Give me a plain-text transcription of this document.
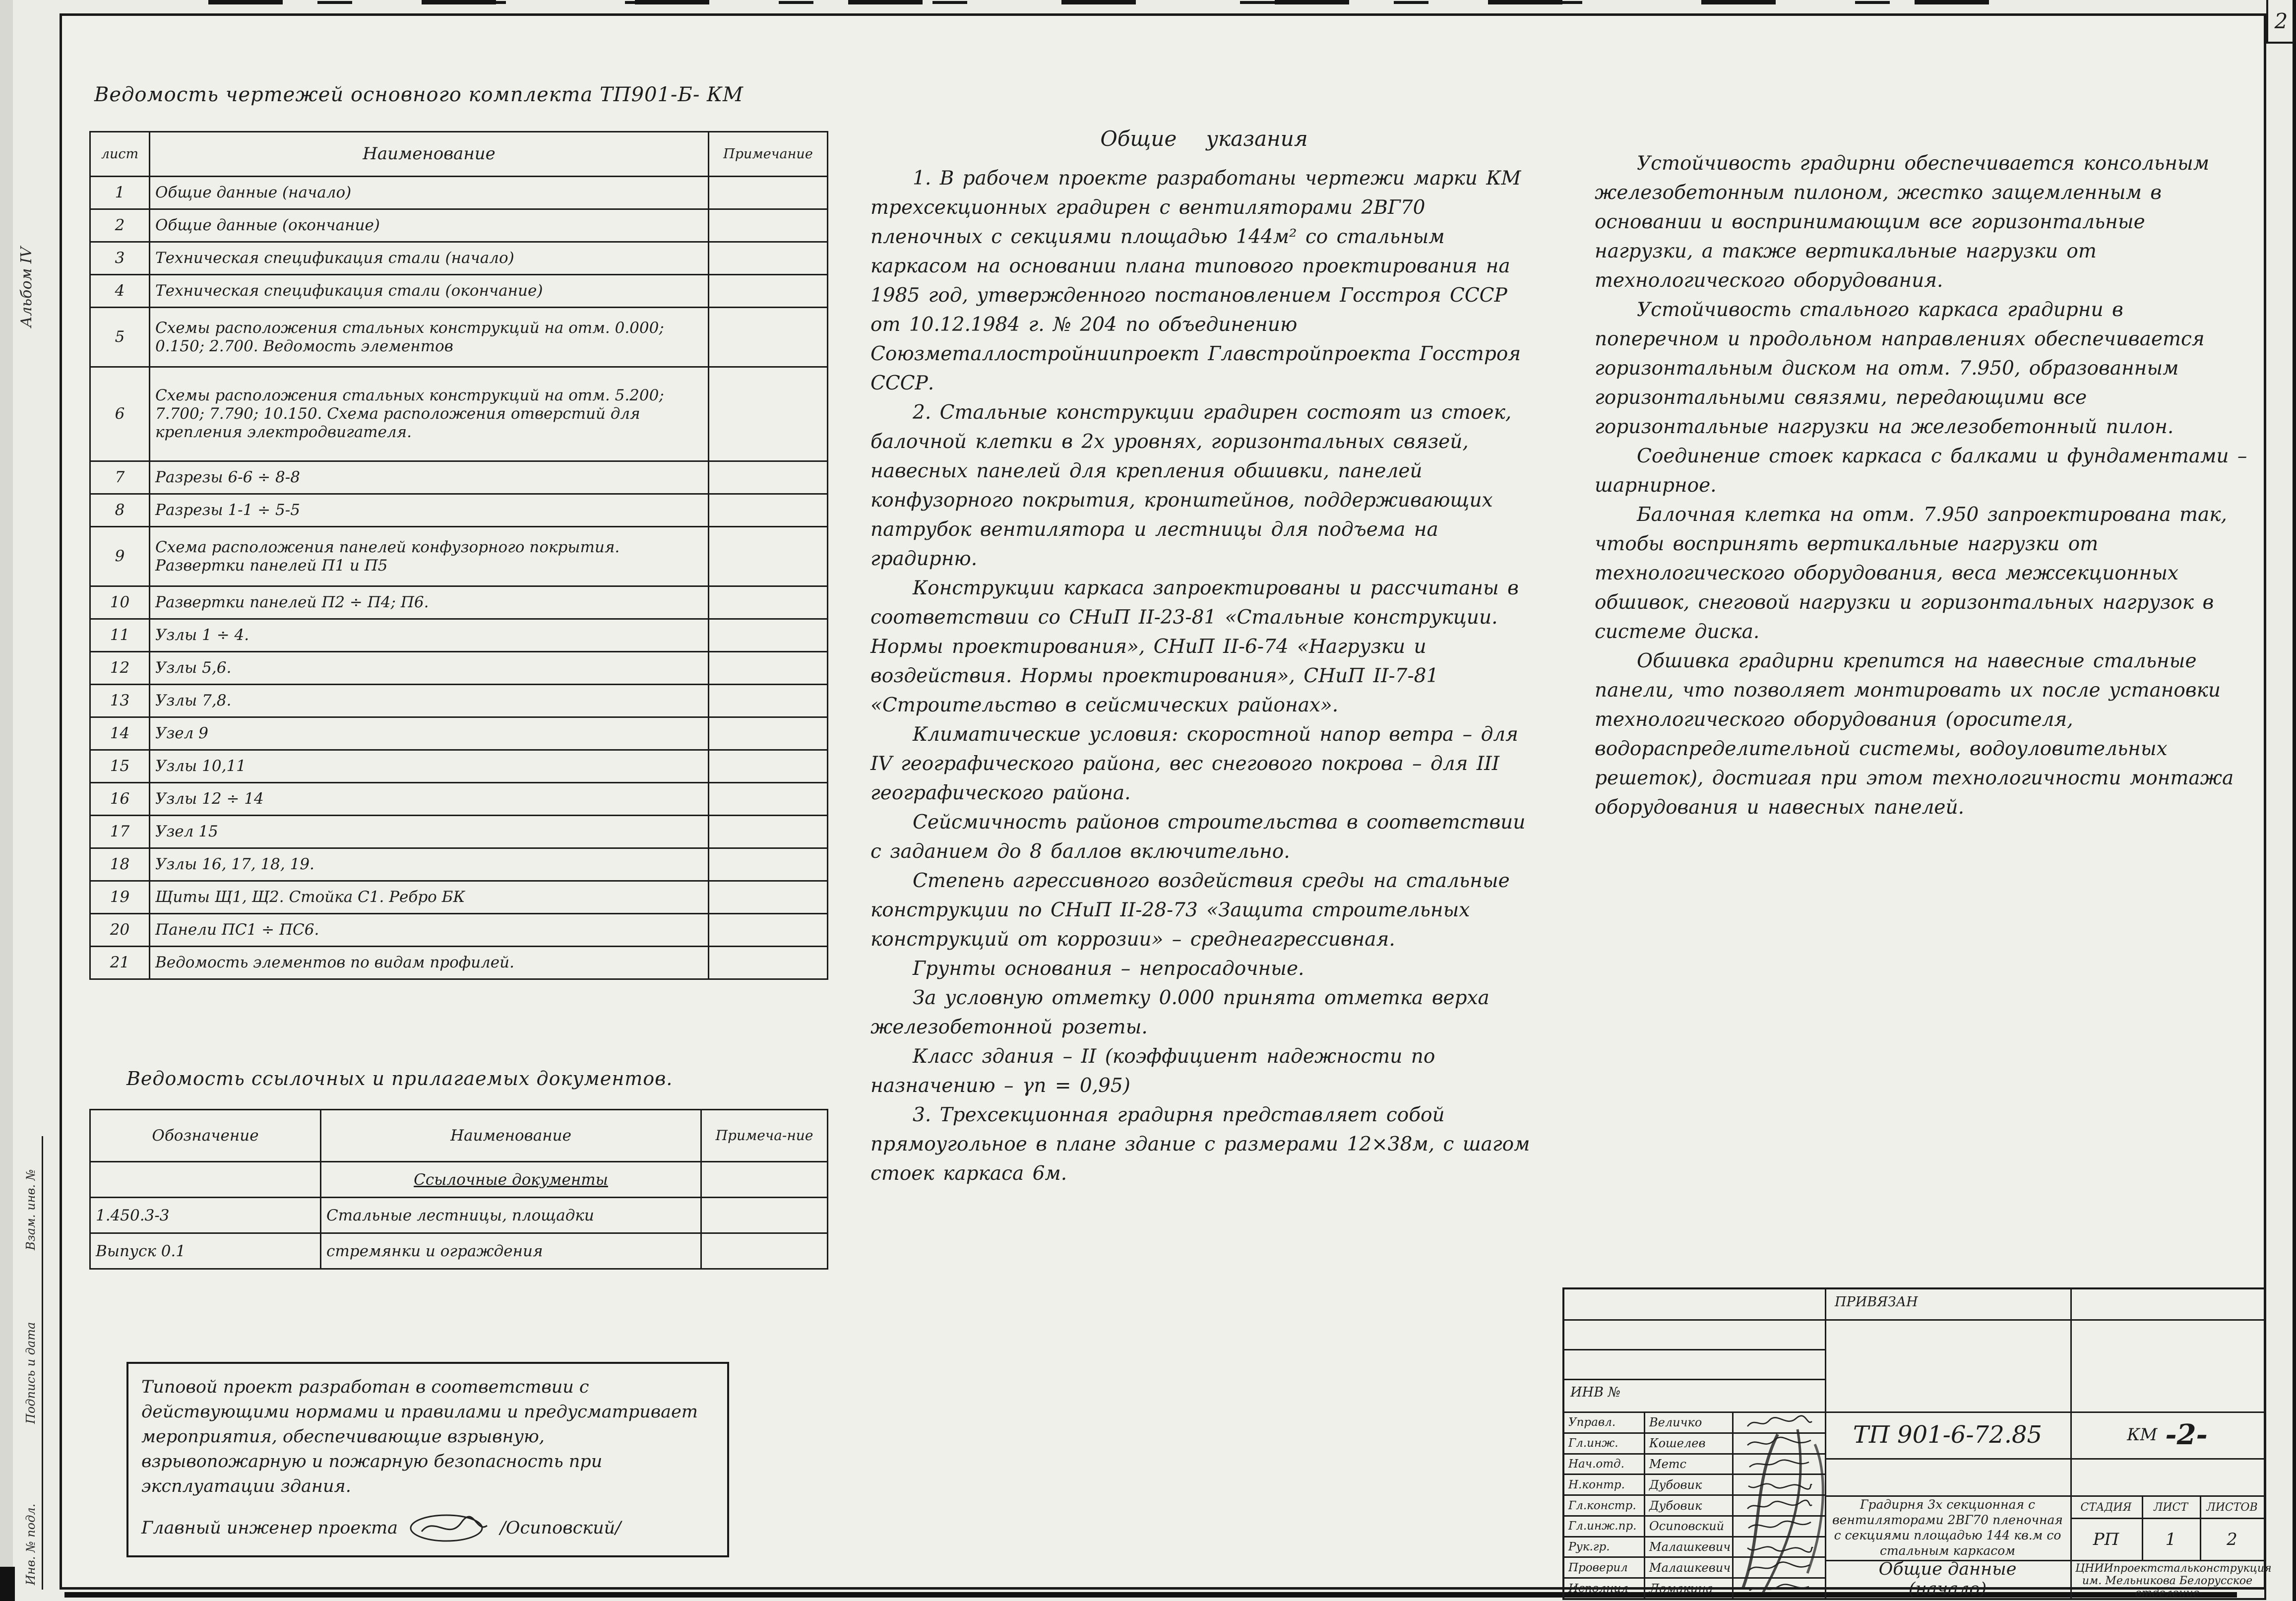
2
Альбом IV
Взам. инв. №
Подпись и дата
Инв. № подл.
Ведомость чертежей основного комплекта ТП901-Б- КМ
лист	Наименование	Примечание
1	Общие данные (начало)	
2	Общие данные (окончание)	
3	Техническая спецификация стали (начало)	
4	Техническая спецификация стали (окончание)	
5	Схемы расположения стальных конструкций на отм. 0.000; 0.150; 2.700. Ведомость элементов	
6	Схемы расположения стальных конструкций на отм. 5.200; 7.700; 7.790; 10.150. Схема расположения отверстий для крепления электродвигателя.	
7	Разрезы 6-6 ÷ 8-8	
8	Разрезы 1-1 ÷ 5-5	
9	Схема расположения панелей конфузорного покрытия. Развертки панелей П1 и П5	
10	Развертки панелей П2 ÷ П4; П6.	
11	Узлы 1 ÷ 4.	
12	Узлы 5,6.	
13	Узлы 7,8.	
14	Узел 9	
15	Узлы 10,11	
16	Узлы 12 ÷ 14	
17	Узел 15	
18	Узлы 16, 17, 18, 19.	
19	Щиты Щ1, Щ2. Стойка С1. Ребро БК	
20	Панели ПС1 ÷ ПС6.	
21	Ведомость элементов по видам профилей.	
Ведомость ссылочных и прилагаемых документов.
Обозначение	Наименование	Примеча-ние
	Ссылочные документы	
1.450.3-3	Стальные лестницы, площадки	
Выпуск 0.1	стремянки и ограждения	

Типовой проект разработан в соответствии с действующими нормами и правилами и предусматривает мероприятия, обеспечивающие взрывную, взрывопожарную и пожарную безопасность при эксплуатации здания.

Главный инженер проекта	/Осиповский/
Общие указания

1. В рабочем проекте разработаны чертежи марки КМ трехсекционных градирен с вентиляторами 2ВГ70 пленочных с секциями площадью 144м² со стальным каркасом на основании плана типового проектирования на 1985 год, утвержденного постановлением Госстроя СССР от 10.12.1984 г. № 204 по объединению Союзметаллостройниипроект Главстройпроекта Госстроя СССР.

2. Стальные конструкции градирен состоят из стоек, балочной клетки в 2х уровнях, горизонтальных связей, навесных панелей для крепления обшивки, панелей конфузорного покрытия, кронштейнов, поддерживающих патрубок вентилятора и лестницы для подъема на градирню.

Конструкции каркаса запроектированы и рассчитаны в соответствии со СНиП II-23-81 «Стальные конструкции. Нормы проектирования», СНиП II-6-74 «Нагрузки и воздействия. Нормы проектирования», СНиП II-7-81 «Строительство в сейсмических районах».

Климатические условия: скоростной напор ветра – для IV географического района, вес снегового покрова – для III географического района.

Сейсмичность районов строительства в соответствии с заданием до 8 баллов включительно.

Степень агрессивного воздействия среды на стальные конструкции по СНиП II-28-73 «Защита строительных конструкций от коррозии» – среднеагрессивная.

Грунты основания – непросадочные.

За условную отметку 0.000 принята отметка верха железобетонной розеты.

Класс здания – II (коэффициент надежности по назначению – γn = 0,95)

3. Трехсекционная градирня представляет собой прямоугольное в плане здание с размерами 12×38м, с шагом стоек каркаса 6м.

Устойчивость градирни обеспечивается консольным железобетонным пилоном, жестко защемленным в основании и воспринимающим все горизонтальные нагрузки, а также вертикальные нагрузки от технологического оборудования.

Устойчивость стального каркаса градирни в поперечном и продольном направлениях обеспечивается горизонтальным диском на отм. 7.950, образованным горизонтальными связями, передающими все горизонтальные нагрузки на железобетонный пилон.

Соединение стоек каркаса с балками и фундаментами – шарнирное.

Балочная клетка на отм. 7.950 запроектирована так, чтобы воспринять вертикальные нагрузки от технологического оборудования, веса межсекционных обшивок, снеговой нагрузки и горизонтальных нагрузок в системе диска.

Обшивка градирни крепится на навесные стальные панели, что позволяет монтировать их после установки технологического оборудования (оросителя, водораспределительной системы, водоуловительных решеток), достигая при этом технологичности монтажа оборудования и навесных панелей.

ПРИВЯЗАН
ИНВ №
ТП 901-6-72.85	КМ -2-
Градирня 3х секционная с вентиляторами 2ВГ70 пленочная с секциями площадью 144 кв.м со стальным каркасом
Общие данные (начало)
СТАДИЯ	ЛИСТ	ЛИСТОВ
РП	1	2
ЦНИИпроектстальконструкция им. Мельникова Белорусское отделение
Управл.	Величко
Гл.инж.	Кошелев
Нач.отд.	Метс
Н.контр.	Дубовик
Гл.констр.	Дубовик
Гл.инж.пр.	Осиповский
Рук.гр.	Малашкевич
Проверил	Малашкевич
Исполнил	Ломакина
